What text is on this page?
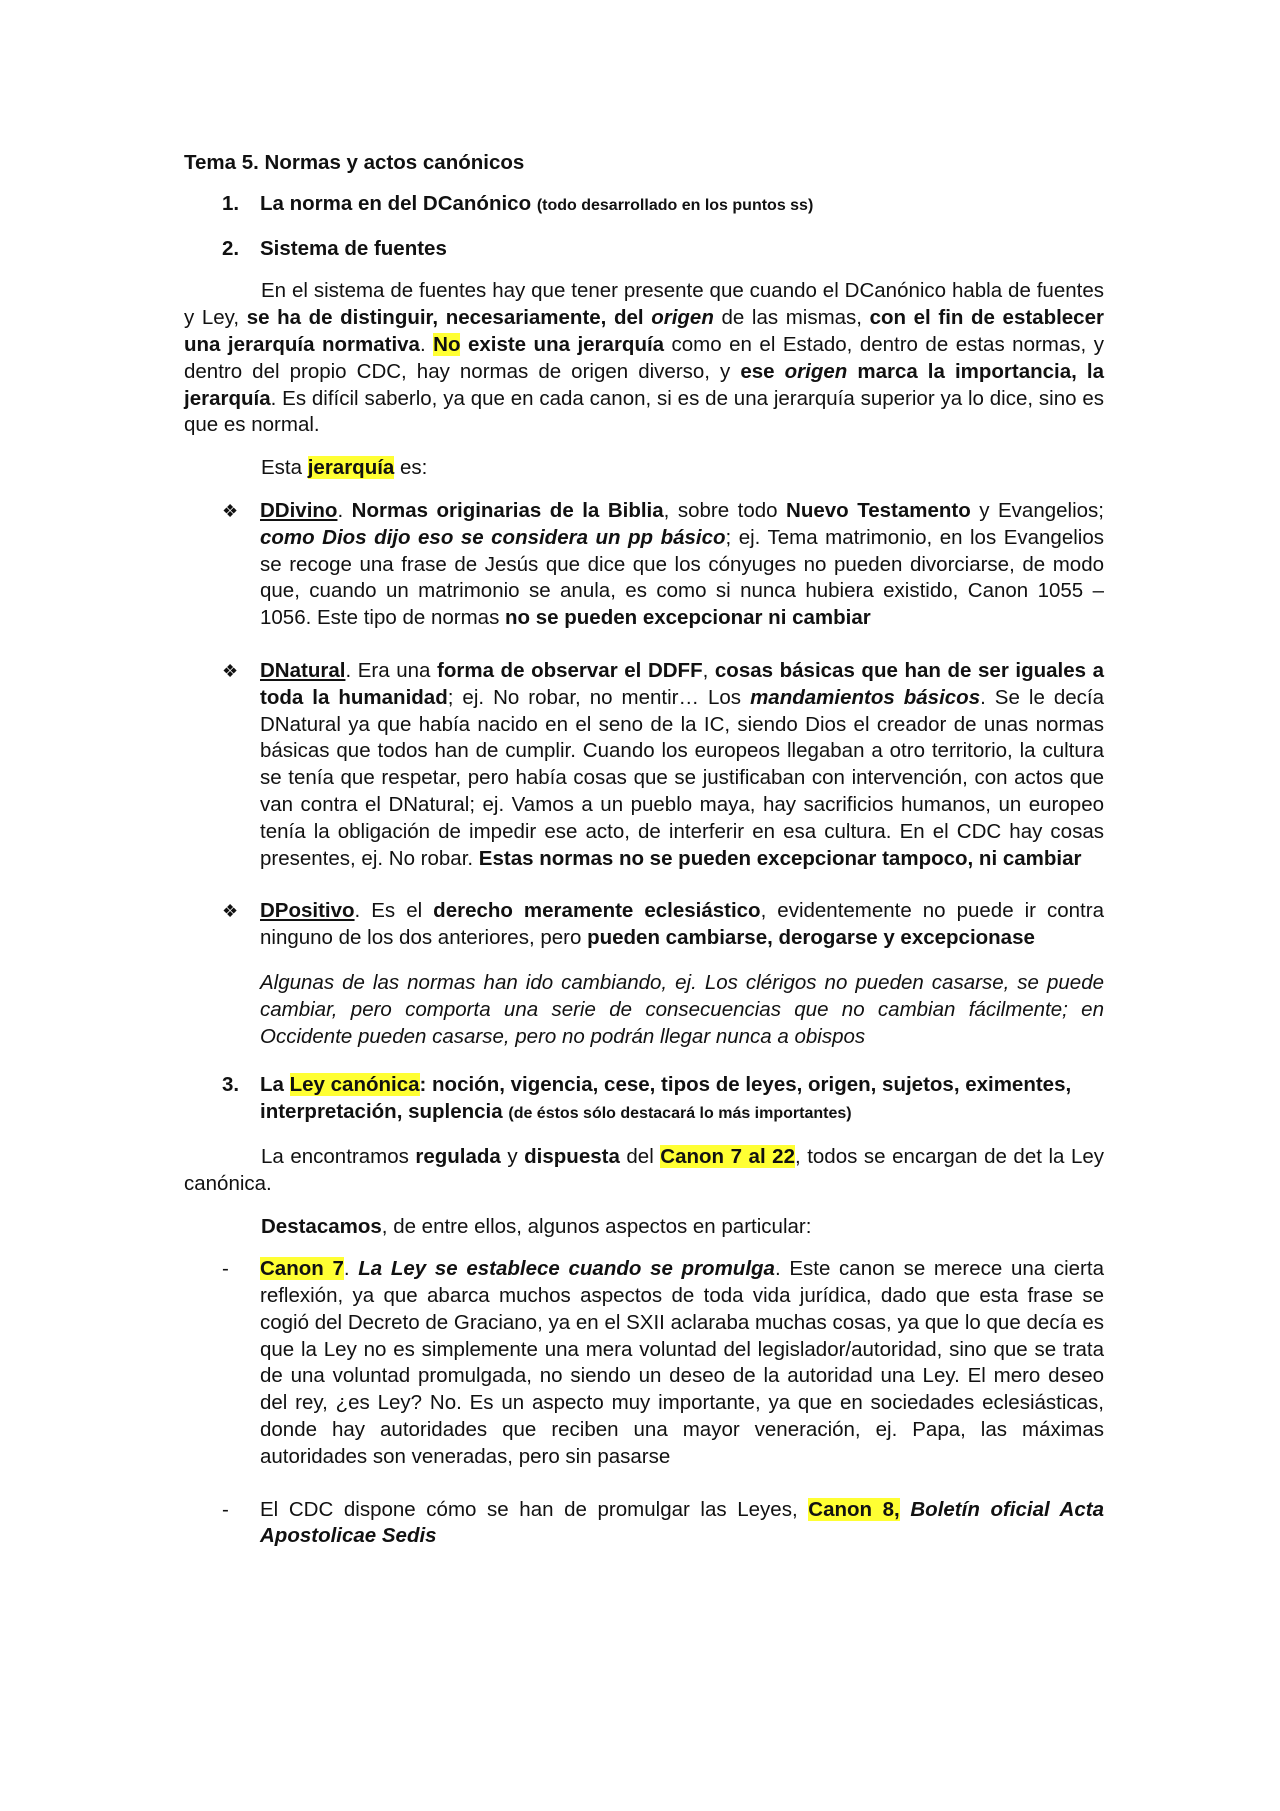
Tema 5. Normas y actos canónicos
1.	La norma en del DCanónico (todo desarrollado en los puntos ss)
2.	Sistema de fuentes

En el sistema de fuentes hay que tener presente que cuando el DCanónico habla de fuentes y Ley, se ha de distinguir, necesariamente, del origen de las mismas, con el fin de establecer una jerarquía normativa. No existe una jerarquía como en el Estado, dentro de estas normas, y dentro del propio CDC, hay normas de origen diverso, y ese origen marca la importancia, la jerarquía. Es difícil saberlo, ya que en cada canon, si es de una jerarquía superior ya lo dice, sino es que es normal.

Esta jerarquía es:

❖	DDivino. Normas originarias de la Biblia, sobre todo Nuevo Testamento y Evangelios; como Dios dijo eso se considera un pp básico; ej. Tema matrimonio, en los Evangelios se recoge una frase de Jesús que dice que los cónyuges no pueden divorciarse, de modo que, cuando un matrimonio se anula, es como si nunca hubiera existido, Canon 1055 – 1056. Este tipo de normas no se pueden excepcionar ni cambiar
❖	DNatural. Era una forma de observar el DDFF, cosas básicas que han de ser iguales a toda la humanidad; ej. No robar, no mentir… Los mandamientos básicos. Se le decía DNatural ya que había nacido en el seno de la IC, siendo Dios el creador de unas normas básicas que todos han de cumplir. Cuando los europeos llegaban a otro territorio, la cultura se tenía que respetar, pero había cosas que se justificaban con intervención, con actos que van contra el DNatural; ej. Vamos a un pueblo maya, hay sacrificios humanos, un europeo tenía la obligación de impedir ese acto, de interferir en esa cultura. En el CDC hay cosas presentes, ej. No robar. Estas normas no se pueden excepcionar tampoco, ni cambiar
❖	DPositivo. Es el derecho meramente eclesiástico, evidentemente no puede ir contra ninguno de los dos anteriores, pero pueden cambiarse, derogarse y excepcionase

Algunas de las normas han ido cambiando, ej. Los clérigos no pueden casarse, se puede cambiar, pero comporta una serie de consecuencias que no cambian fácilmente; en Occidente pueden casarse, pero no podrán llegar nunca a obispos

3.	La Ley canónica: noción, vigencia, cese, tipos de leyes, origen, sujetos, eximentes, interpretación, suplencia (de éstos sólo destacará lo más importantes)

La encontramos regulada y dispuesta del Canon 7 al 22, todos se encargan de det la Ley canónica.

Destacamos, de entre ellos, algunos aspectos en particular:

-	Canon 7. La Ley se establece cuando se promulga. Este canon se merece una cierta reflexión, ya que abarca muchos aspectos de toda vida jurídica, dado que esta frase se cogió del Decreto de Graciano, ya en el SXII aclaraba muchas cosas, ya que lo que decía es que la Ley no es simplemente una mera voluntad del legislador/autoridad, sino que se trata de una voluntad promulgada, no siendo un deseo de la autoridad una Ley. El mero deseo del rey, ¿es Ley? No. Es un aspecto muy importante, ya que en sociedades eclesiásticas, donde hay autoridades que reciben una mayor veneración, ej. Papa, las máximas autoridades son veneradas, pero sin pasarse
-	El CDC dispone cómo se han de promulgar las Leyes, Canon 8, Boletín oficial Acta Apostolicae Sedis
